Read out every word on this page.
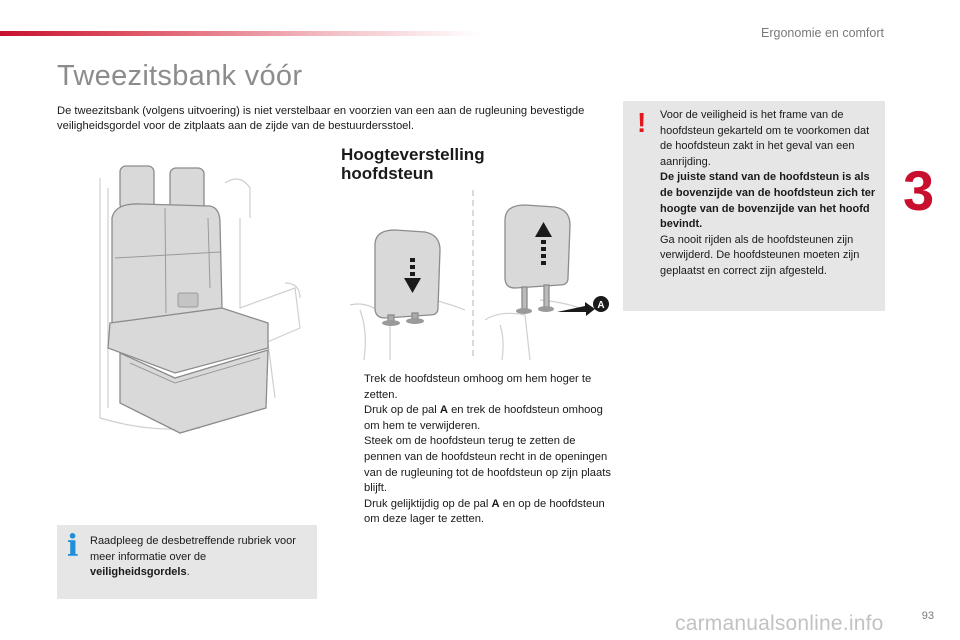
Ergonomie en comfort
3
Tweezitsbank vóór

De tweezitsbank (volgens uitvoering) is niet verstelbaar en voorzien van een aan de rugleuning bevestigde veiligheidsgordel voor de zitplaats aan de zijde van de bestuurdersstoel.

Hoogteverstelling
hoofdsteun
A
Trek de hoofdsteun omhoog om hem hoger te zetten.
Druk op de pal A en trek de hoofdsteun omhoog om hem te verwijderen.
Steek om de hoofdsteun terug te zetten de pennen van de hoofdsteun recht in de openingen van de rugleuning tot de hoofdsteun op zijn plaats blijft.
Druk gelijktijdig op de pal A en op de hoofdsteun om deze lager te zetten.
! Voor de veiligheid is het frame van de hoofdsteun gekarteld om te voorkomen dat de hoofdsteun zakt in het geval van een aanrijding.
De juiste stand van de hoofdsteun is als de bovenzijde van de hoofdsteun zich ter hoogte van de bovenzijde van het hoofd bevindt.
Ga nooit rijden als de hoofdsteunen zijn verwijderd. De hoofdsteunen moeten zijn geplaatst en correct zijn afgesteld.
i Raadpleeg de desbetreffende rubriek voor meer informatie over de veiligheidsgordels.
93
carmanualsonline.info
